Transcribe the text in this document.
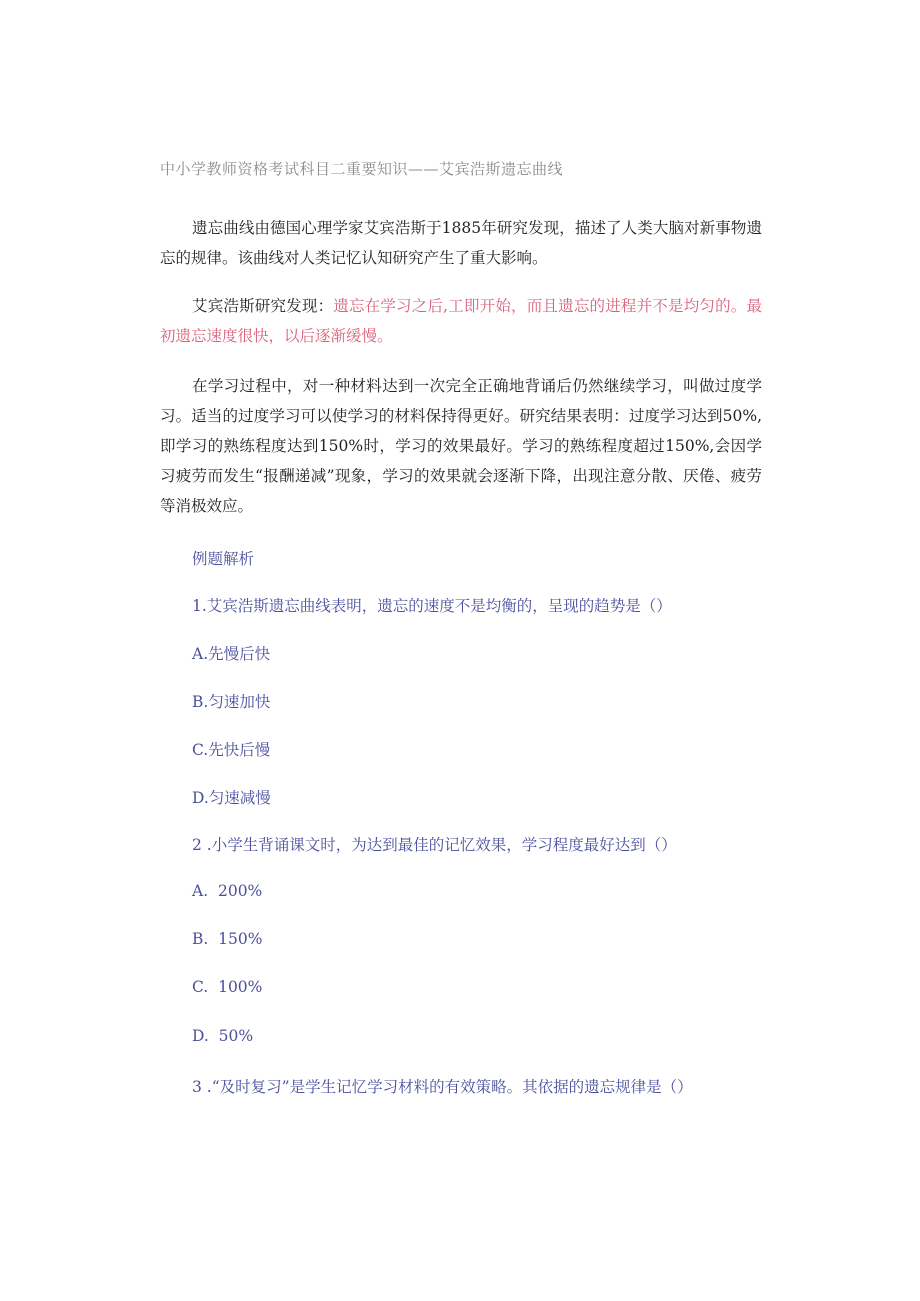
中小学教师资格考试科目二重要知识——艾宾浩斯遗忘曲线

遗忘曲线由德国心理学家艾宾浩斯于1885年研究发现，描述了人类大脑对新事物遗忘的规律。该曲线对人类记忆认知研究产生了重大影响。

艾宾浩斯研究发现：遗忘在学习之后,工即开始，而且遗忘的进程并不是均匀的。最初遗忘速度很快，以后逐渐缓慢。

在学习过程中，对一种材料达到一次完全正确地背诵后仍然继续学习，叫做过度学习。适当的过度学习可以使学习的材料保持得更好。研究结果表明：过度学习达到50%,即学习的熟练程度达到150%时，学习的效果最好。学习的熟练程度超过150%,会因学习疲劳而发生“报酬递减”现象，学习的效果就会逐渐下降，出现注意分散、厌倦、疲劳等消极效应。

例题解析
1.艾宾浩斯遗忘曲线表明，遗忘的速度不是均衡的，呈现的趋势是（）
A.先慢后快
B.匀速加快
C.先快后慢
D.匀速减慢
2 .小学生背诵课文时，为达到最佳的记忆效果，学习程度最好达到（）
A.  200%
B.  150%
C.  100%
D.  50%
3 .“及时复习”是学生记忆学习材料的有效策略。其依据的遗忘规律是（）
